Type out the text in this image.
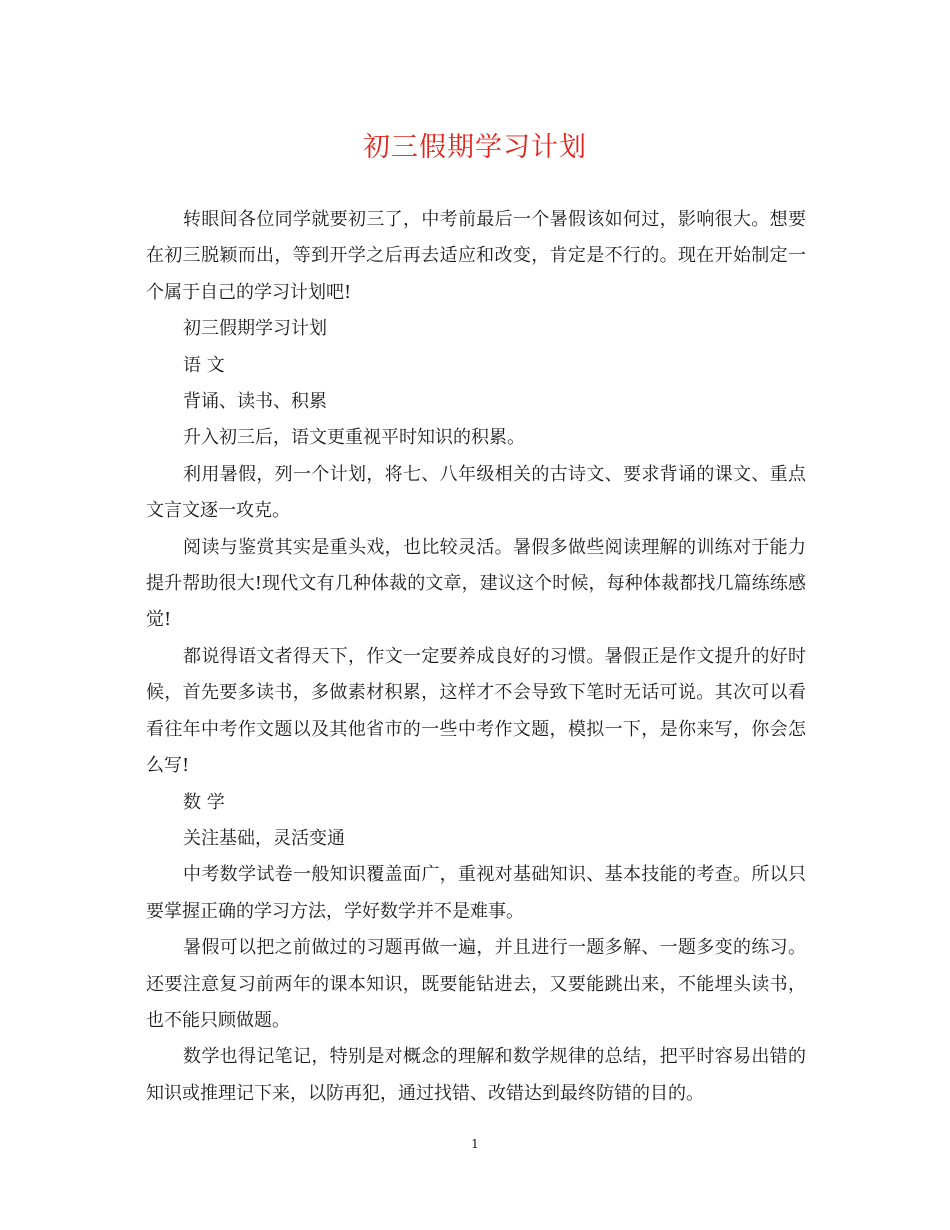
初三假期学习计划

转眼间各位同学就要初三了，中考前最后一个暑假该如何过，影响很大。想要在初三脱颖而出，等到开学之后再去适应和改变，肯定是不行的。现在开始制定一个属于自己的学习计划吧!

初三假期学习计划

语 文

背诵、读书、积累

升入初三后，语文更重视平时知识的积累。

利用暑假，列一个计划，将七、八年级相关的古诗文、要求背诵的课文、重点文言文逐一攻克。

阅读与鉴赏其实是重头戏，也比较灵活。暑假多做些阅读理解的训练对于能力提升帮助很大!现代文有几种体裁的文章，建议这个时候，每种体裁都找几篇练练感觉!

都说得语文者得天下，作文一定要养成良好的习惯。暑假正是作文提升的好时候，首先要多读书，多做素材积累，这样才不会导致下笔时无话可说。其次可以看看往年中考作文题以及其他省市的一些中考作文题，模拟一下，是你来写，你会怎么写!

数 学

关注基础，灵活变通

中考数学试卷一般知识覆盖面广，重视对基础知识、基本技能的考查。所以只要掌握正确的学习方法，学好数学并不是难事。

暑假可以把之前做过的习题再做一遍，并且进行一题多解、一题多变的练习。还要注意复习前两年的课本知识，既要能钻进去，又要能跳出来，不能埋头读书，也不能只顾做题。

数学也得记笔记，特别是对概念的理解和数学规律的总结，把平时容易出错的知识或推理记下来，以防再犯，通过找错、改错达到最终防错的目的。

1
